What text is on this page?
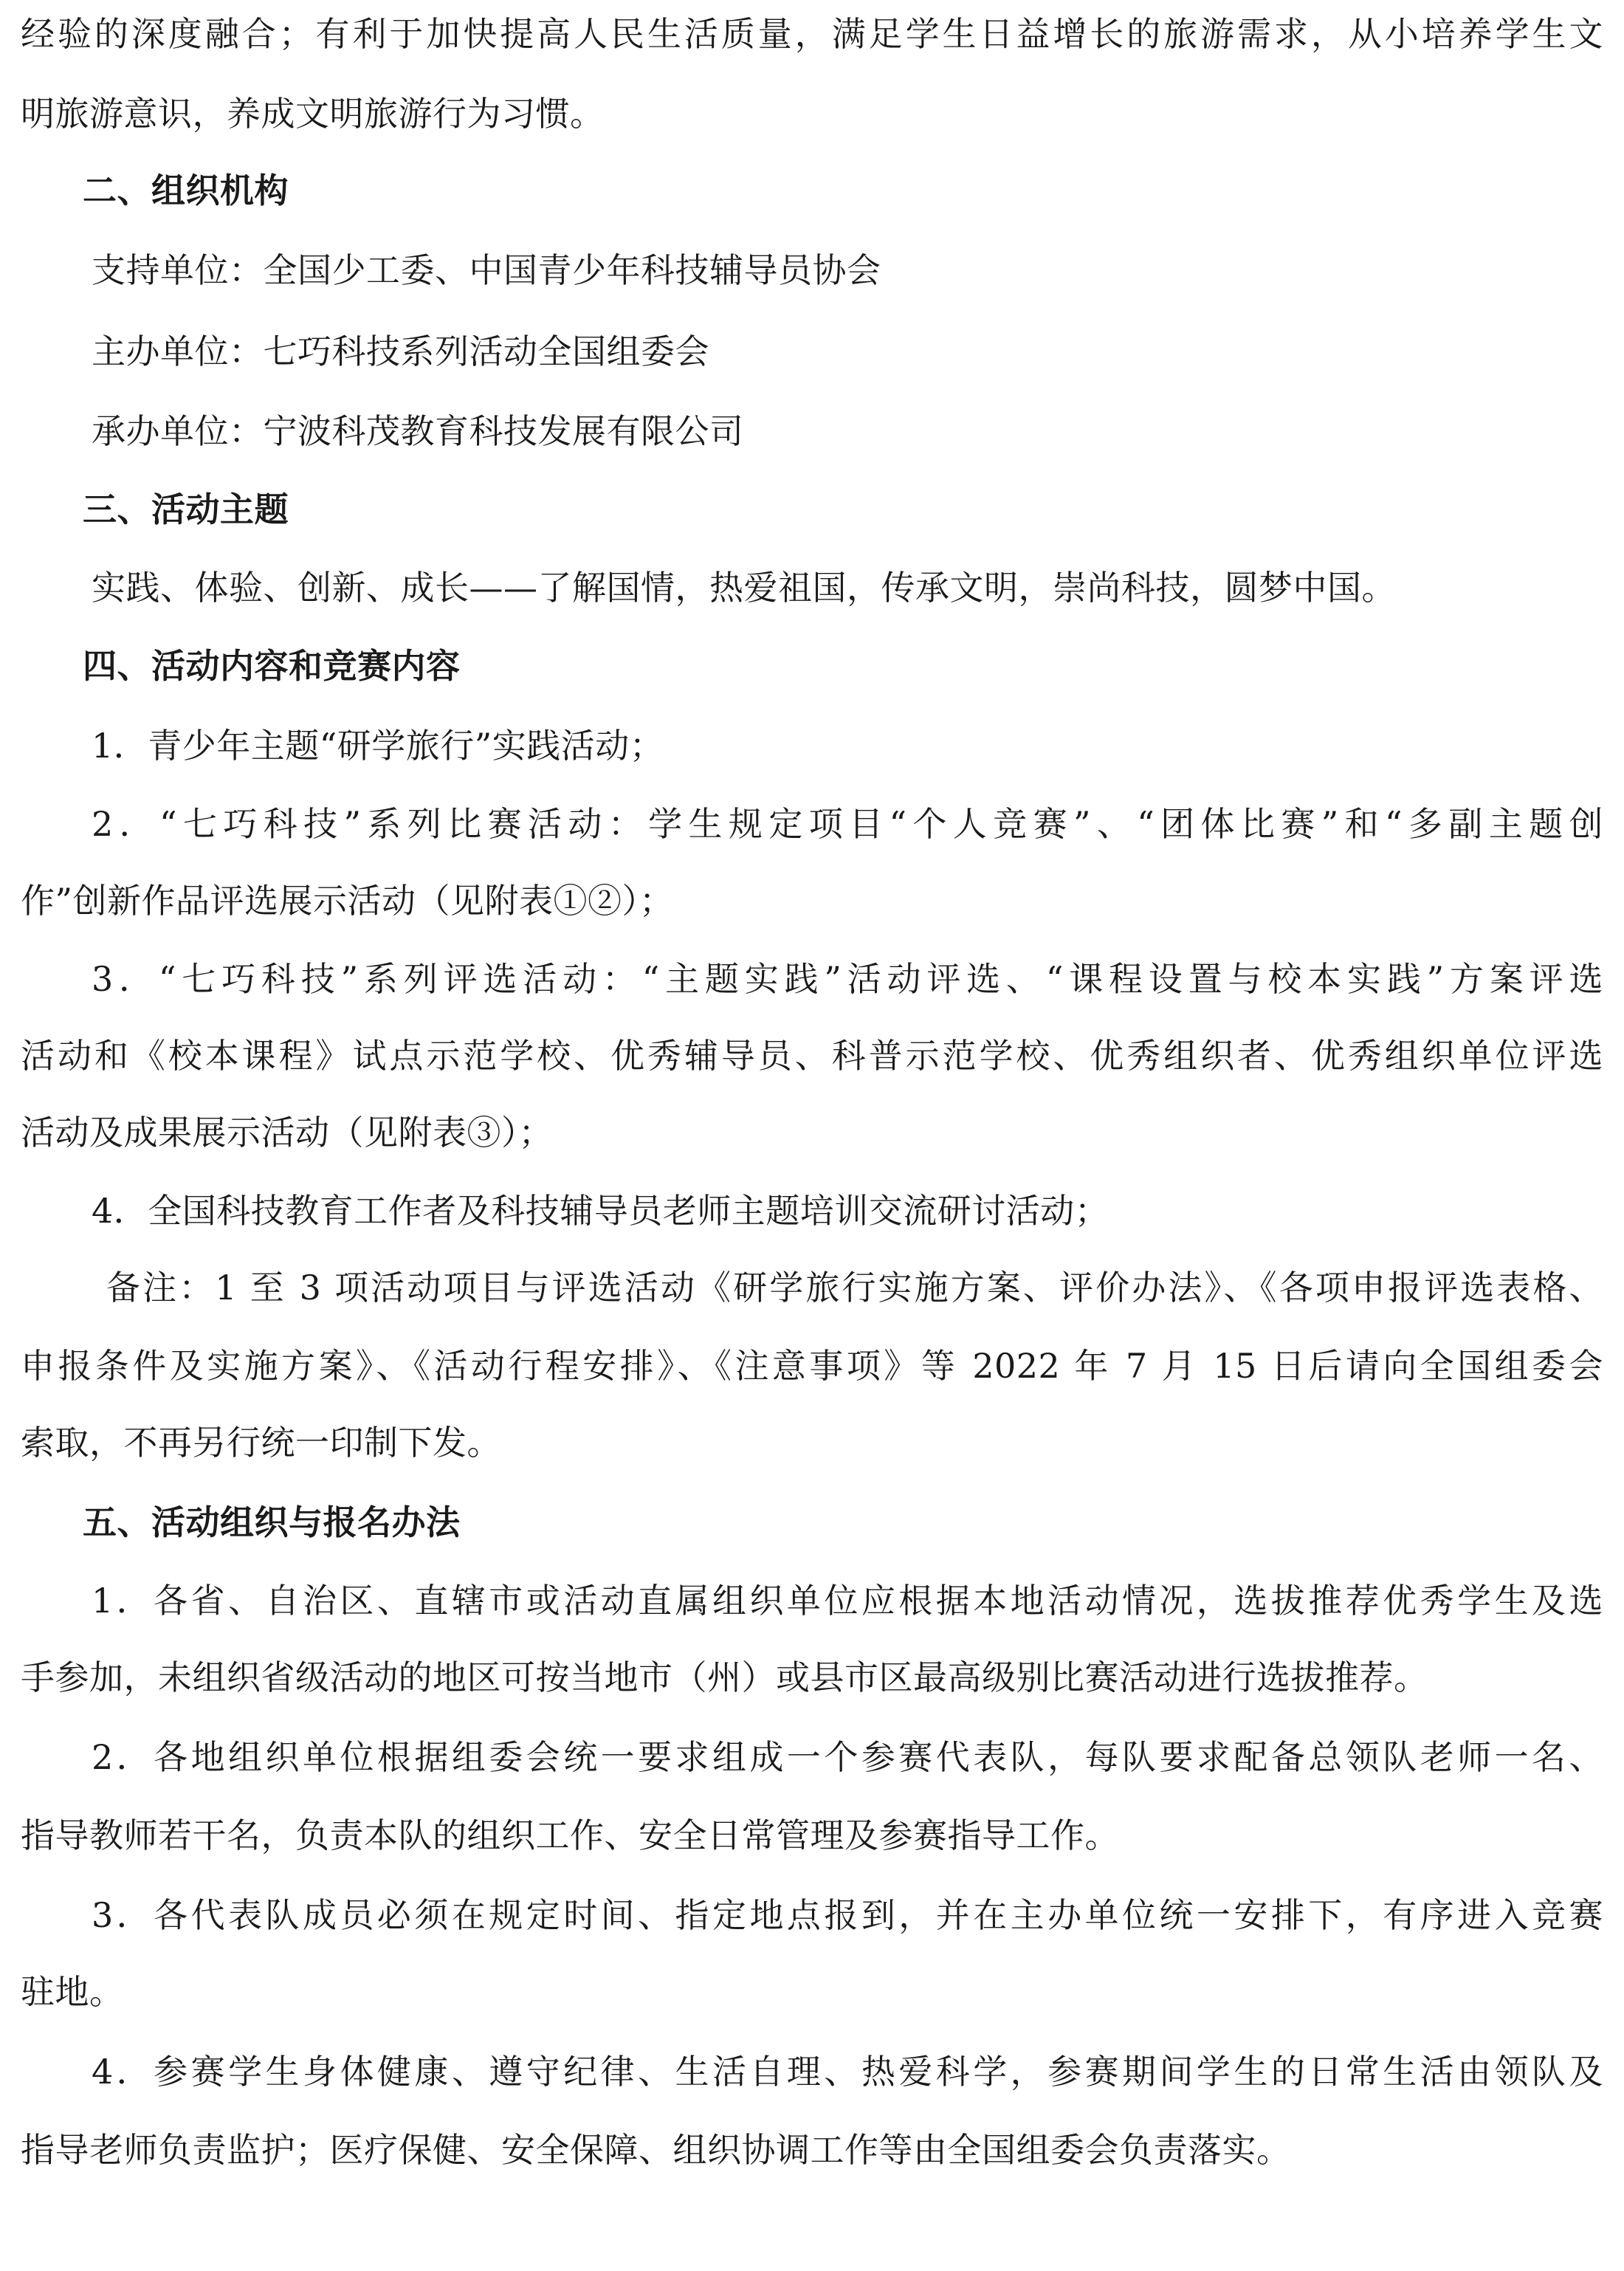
经验的深度融合；有利于加快提高人民生活质量，满足学生日益增长的旅游需求，从小培养学生文
明旅游意识，养成文明旅游行为习惯。
二、组织机构
支持单位：全国少工委、中国青少年科技辅导员协会
主办单位：七巧科技系列活动全国组委会
承办单位：宁波科茂教育科技发展有限公司
三、活动主题
实践、体验、创新、成长——了解国情，热爱祖国，传承文明，崇尚科技，圆梦中国。
四、活动内容和竞赛内容
1．青少年主题“研学旅行”实践活动；
2．“七巧科技”系列比赛活动：学生规定项目“个人竞赛”、“团体比赛”和“多副主题创
作”创新作品评选展示活动（见附表①②）；
3．“七巧科技”系列评选活动：“主题实践”活动评选、“课程设置与校本实践”方案评选
活动和《校本课程》试点示范学校、优秀辅导员、科普示范学校、优秀组织者、优秀组织单位评选
活动及成果展示活动（见附表③）；
4．全国科技教育工作者及科技辅导员老师主题培训交流研讨活动；
备注：1 至 3 项活动项目与评选活动《研学旅行实施方案、评价办法》、《各项申报评选表格、
申报条件及实施方案》、《活动行程安排》、《注意事项》等 2022 年 7 月 15 日后请向全国组委会
索取，不再另行统一印制下发。
五、活动组织与报名办法
1．各省、自治区、直辖市或活动直属组织单位应根据本地活动情况，选拔推荐优秀学生及选
手参加，未组织省级活动的地区可按当地市（州）或县市区最高级别比赛活动进行选拔推荐。
2．各地组织单位根据组委会统一要求组成一个参赛代表队，每队要求配备总领队老师一名、
指导教师若干名，负责本队的组织工作、安全日常管理及参赛指导工作。
3．各代表队成员必须在规定时间、指定地点报到，并在主办单位统一安排下，有序进入竞赛
驻地。
4．参赛学生身体健康、遵守纪律、生活自理、热爱科学，参赛期间学生的日常生活由领队及
指导老师负责监护；医疗保健、安全保障、组织协调工作等由全国组委会负责落实。
